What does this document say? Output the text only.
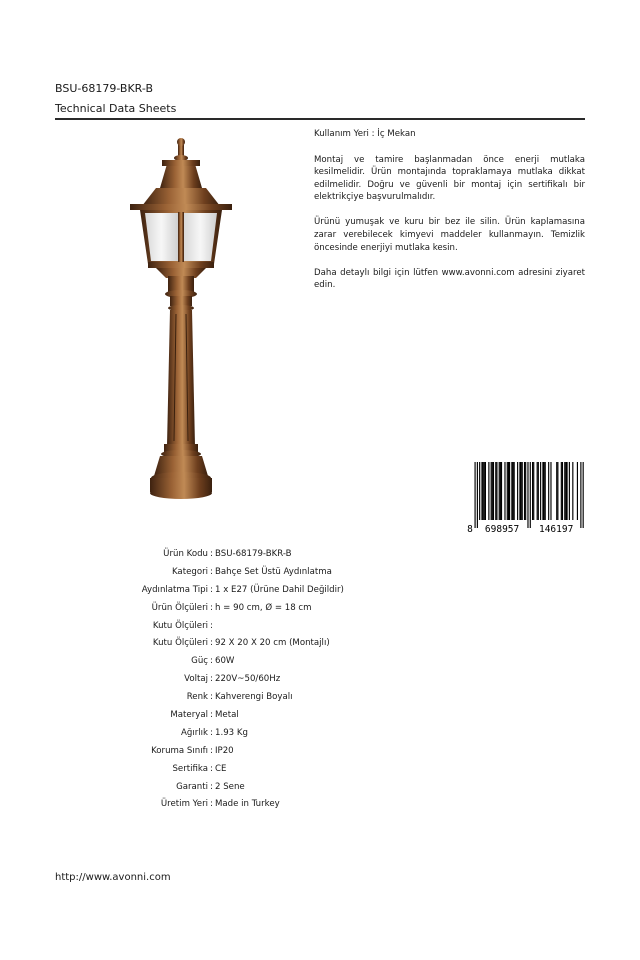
BSU-68179-BKR-B
Technical Data Sheets

Kullanım Yeri : İç Mekan

Montaj ve tamire başlanmadan önce enerji mutlaka kesilmelidir. Ürün montajında topraklamaya mutlaka dikkat edilmelidir. Doğru ve güvenli bir montaj için sertifikalı bir elektrikçiye başvurulmalıdır.

Ürünü yumuşak ve kuru bir bez ile silin. Ürün kaplamasına zarar verebilecek kimyevi maddeler kullanmayın. Temizlik öncesinde enerjiyi mutlaka kesin.

Daha detaylı bilgi için lütfen www.avonni.com adresini ziyaret edin.

8 698957 146197
Ürün Kodu : BSU-68179-BKR-B
Kategori : Bahçe Set Üstü Aydınlatma
Aydınlatma Tipi : 1 x E27 (Ürüne Dahil Değildir)
Ürün Ölçüleri : h = 90 cm, Ø = 18 cm
Kutu Ölçüleri :
Kutu Ölçüleri : 92 X 20 X 20 cm (Montajlı)
Güç : 60W
Voltaj : 220V~50/60Hz
Renk : Kahverengi Boyalı
Materyal : Metal
Ağırlık : 1.93 Kg
Koruma Sınıfı : IP20
Sertifika : CE
Garanti : 2 Sene
Üretim Yeri : Made in Turkey
http://www.avonni.com
